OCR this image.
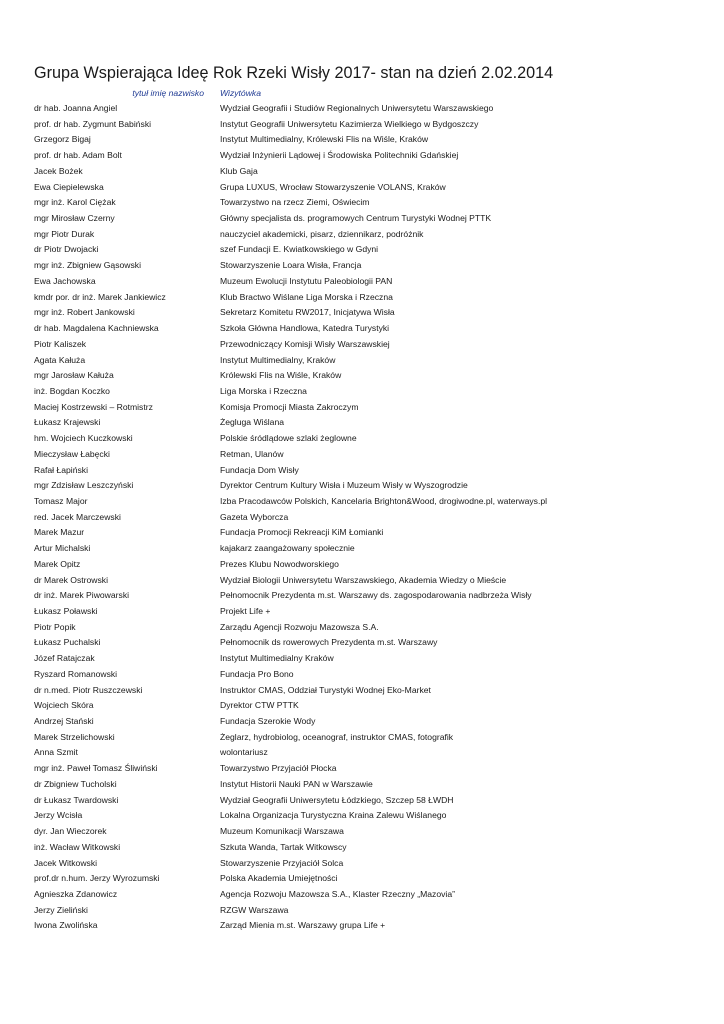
Grupa Wspierająca Ideę Rok Rzeki Wisły 2017- stan na dzień 2.02.2014
tytuł imię nazwisko Wizytówka
dr hab. Joanna Angiel	Wydział Geografii i Studiów Regionalnych Uniwersytetu Warszawskiego
prof. dr hab. Zygmunt Babiński	Instytut Geografii Uniwersytetu Kazimierza Wielkiego w Bydgoszczy
Grzegorz Bigaj	Instytut Multimedialny, Królewski Flis na Wiśle, Kraków
prof. dr hab. Adam Bolt	Wydział Inżynierii Lądowej i Środowiska Politechniki Gdańskiej
Jacek Bożek	Klub Gaja
Ewa Ciepielewska	Grupa LUXUS, Wrocław Stowarzyszenie VOLANS, Kraków
mgr inż. Karol Ciężak	Towarzystwo na rzecz Ziemi, Oświecim
mgr Mirosław Czerny	Główny specjalista ds. programowych Centrum Turystyki Wodnej PTTK
mgr Piotr Durak	nauczyciel akademicki, pisarz, dziennikarz, podróżnik
dr Piotr Dwojacki	szef Fundacji E. Kwiatkowskiego w Gdyni
mgr inż. Zbigniew Gąsowski	Stowarzyszenie Loara Wisła, Francja
Ewa Jachowska	Muzeum Ewolucji Instytutu Paleobiologii PAN
kmdr por. dr inż. Marek Jankiewicz	Klub Bractwo Wiślane Liga Morska i Rzeczna
mgr inż. Robert Jankowski	Sekretarz Komitetu RW2017, Inicjatywa Wisła
dr hab. Magdalena Kachniewska	Szkoła Główna Handlowa, Katedra Turystyki
Piotr Kaliszek	Przewodniczący Komisji Wisły Warszawskiej
Agata Kałuża	Instytut Multimedialny, Kraków
mgr Jarosław Kałuża	Królewski Flis na Wiśle, Kraków
inż. Bogdan Koczko	Liga Morska i Rzeczna
Maciej Kostrzewski – Rotmistrz	Komisja Promocji Miasta Zakroczym
Łukasz Krajewski	Żegluga Wiślana
hm. Wojciech Kuczkowski	Polskie śródlądowe szlaki żeglowne
Mieczysław Łabęcki	Retman, Ulanów
Rafał Łapiński	Fundacja Dom Wisły
mgr Zdzisław Leszczyński	Dyrektor Centrum Kultury Wisła i Muzeum Wisły w Wyszogrodzie
Tomasz Major	Izba Pracodawców Polskich, Kancelaria Brighton&Wood, drogiwodne.pl, waterways.pl
red. Jacek Marczewski	Gazeta Wyborcza
Marek Mazur	Fundacja Promocji Rekreacji KiM Łomianki
Artur Michalski	kajakarz zaangażowany społecznie
Marek Opitz	Prezes Klubu Nowodworskiego
dr Marek Ostrowski	Wydział Biologii Uniwersytetu Warszawskiego, Akademia Wiedzy o Mieście
dr inż. Marek Piwowarski	Pełnomocnik Prezydenta m.st. Warszawy ds. zagospodarowania nadbrzeża Wisły
Łukasz Poławski	Projekt Life +
Piotr Popik	Zarządu Agencji Rozwoju Mazowsza S.A.
Łukasz Puchalski	Pełnomocnik ds rowerowych Prezydenta m.st. Warszawy
Józef Ratajczak	Instytut Multimedialny Kraków
Ryszard Romanowski	Fundacja Pro Bono
dr n.med. Piotr Ruszczewski	Instruktor CMAS, Oddział Turystyki Wodnej Eko-Market
Wojciech Skóra	Dyrektor CTW PTTK
Andrzej Stański	Fundacja Szerokie Wody
Marek Strzelichowski	Żeglarz, hydrobiolog, oceanograf, instruktor CMAS, fotografik
Anna Szmit	wolontariusz
mgr inż. Paweł Tomasz Śliwiński	Towarzystwo Przyjaciół Płocka
dr Zbigniew Tucholski	Instytut Historii Nauki PAN w Warszawie
dr Łukasz Twardowski	Wydział Geografii Uniwersytetu Łódzkiego, Szczep 58 ŁWDH
Jerzy Wcisła	Lokalna Organizacja Turystyczna Kraina Zalewu Wiślanego
dyr. Jan Wieczorek	Muzeum Komunikacji Warszawa
inż. Wacław Witkowski	Szkuta Wanda, Tartak Witkowscy
Jacek Witkowski	Stowarzyszenie Przyjaciół Solca
prof.dr n.hum. Jerzy Wyrozumski	Polska Akademia Umiejętności
Agnieszka Zdanowicz	Agencja Rozwoju Mazowsza S.A., Klaster Rzeczny „Mazovia”
Jerzy Zieliński	RZGW Warszawa
Iwona Zwolińska	Zarząd Mienia m.st. Warszawy grupa Life +
